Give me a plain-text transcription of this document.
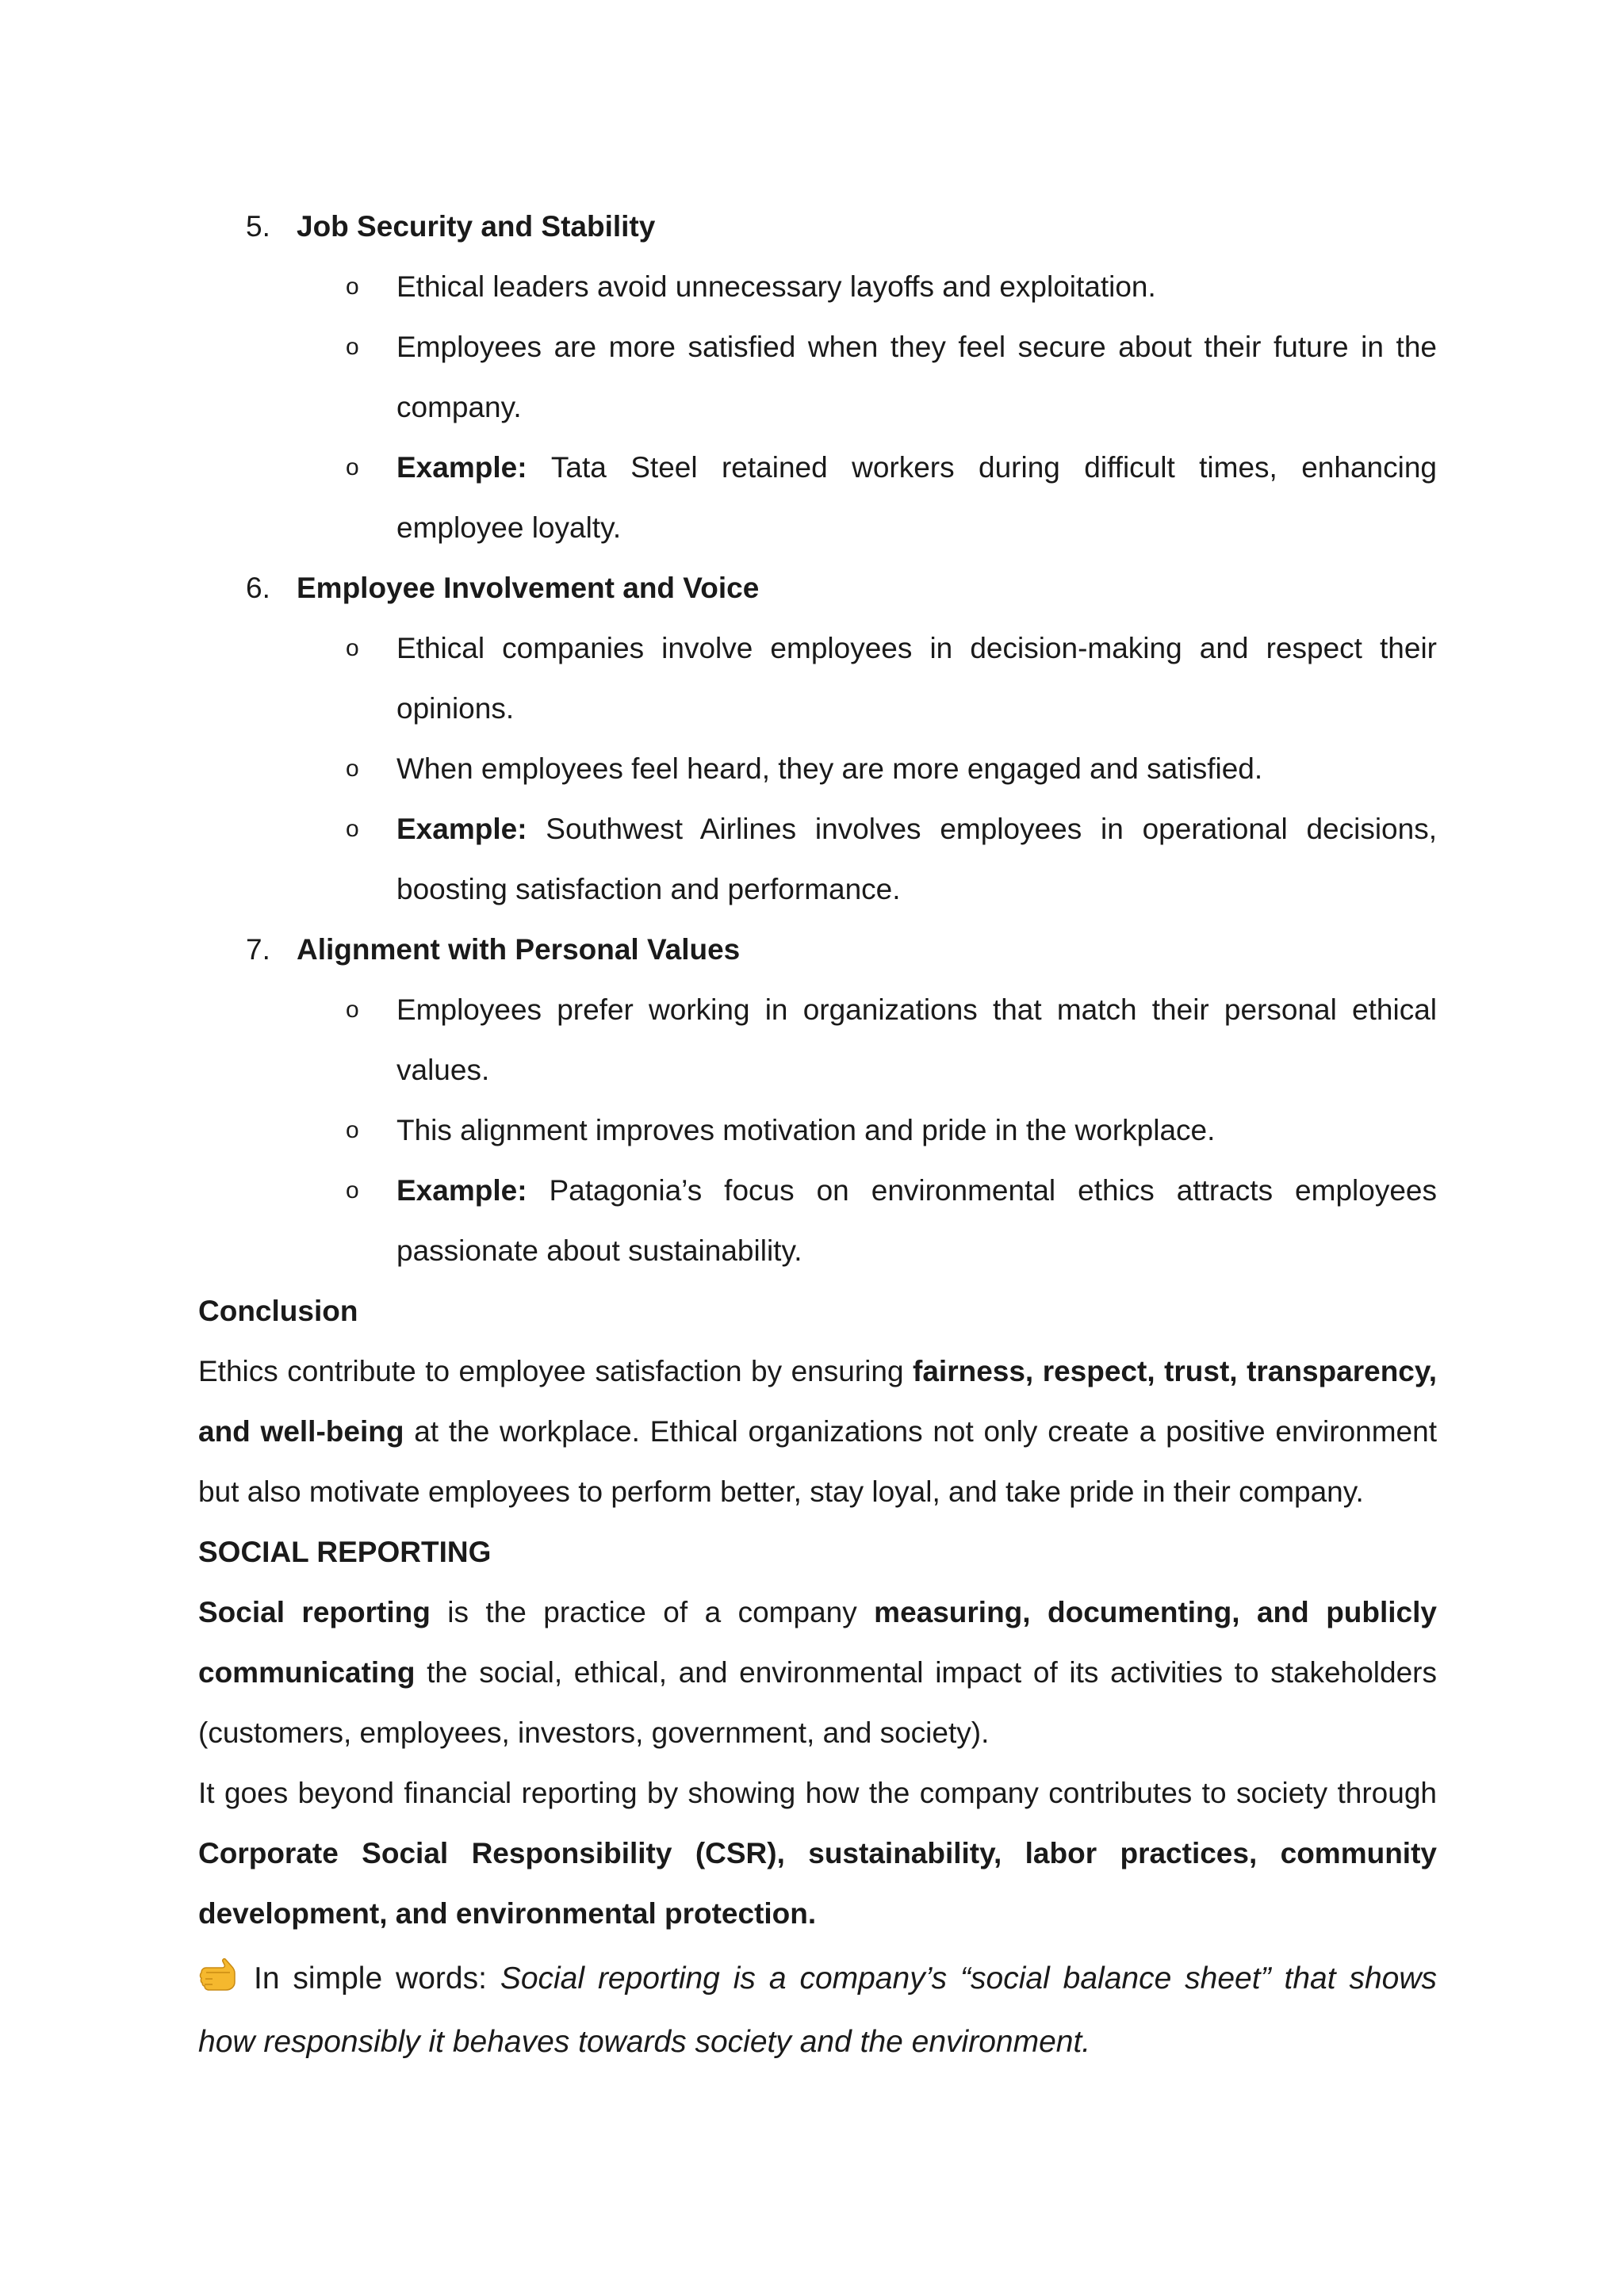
5. Job Security and Stability
o Ethical leaders avoid unnecessary layoffs and exploitation.
o Employees are more satisfied when they feel secure about their future in the company.
o Example: Tata Steel retained workers during difficult times, enhancing employee loyalty.
6. Employee Involvement and Voice
o Ethical companies involve employees in decision-making and respect their opinions.
o When employees feel heard, they are more engaged and satisfied.
o Example: Southwest Airlines involves employees in operational decisions, boosting satisfaction and performance.
7. Alignment with Personal Values
o Employees prefer working in organizations that match their personal ethical values.
o This alignment improves motivation and pride in the workplace.
o Example: Patagonia’s focus on environmental ethics attracts employees passionate about sustainability.
Conclusion
Ethics contribute to employee satisfaction by ensuring fairness, respect, trust, transparency, and well-being at the workplace. Ethical organizations not only create a positive environment but also motivate employees to perform better, stay loyal, and take pride in their company.
SOCIAL REPORTING
Social reporting is the practice of a company measuring, documenting, and publicly communicating the social, ethical, and environmental impact of its activities to stakeholders (customers, employees, investors, government, and society).
It goes beyond financial reporting by showing how the company contributes to society through Corporate Social Responsibility (CSR), sustainability, labor practices, community development, and environmental protection.
In simple words: Social reporting is a company’s “social balance sheet” that shows how responsibly it behaves towards society and the environment.
